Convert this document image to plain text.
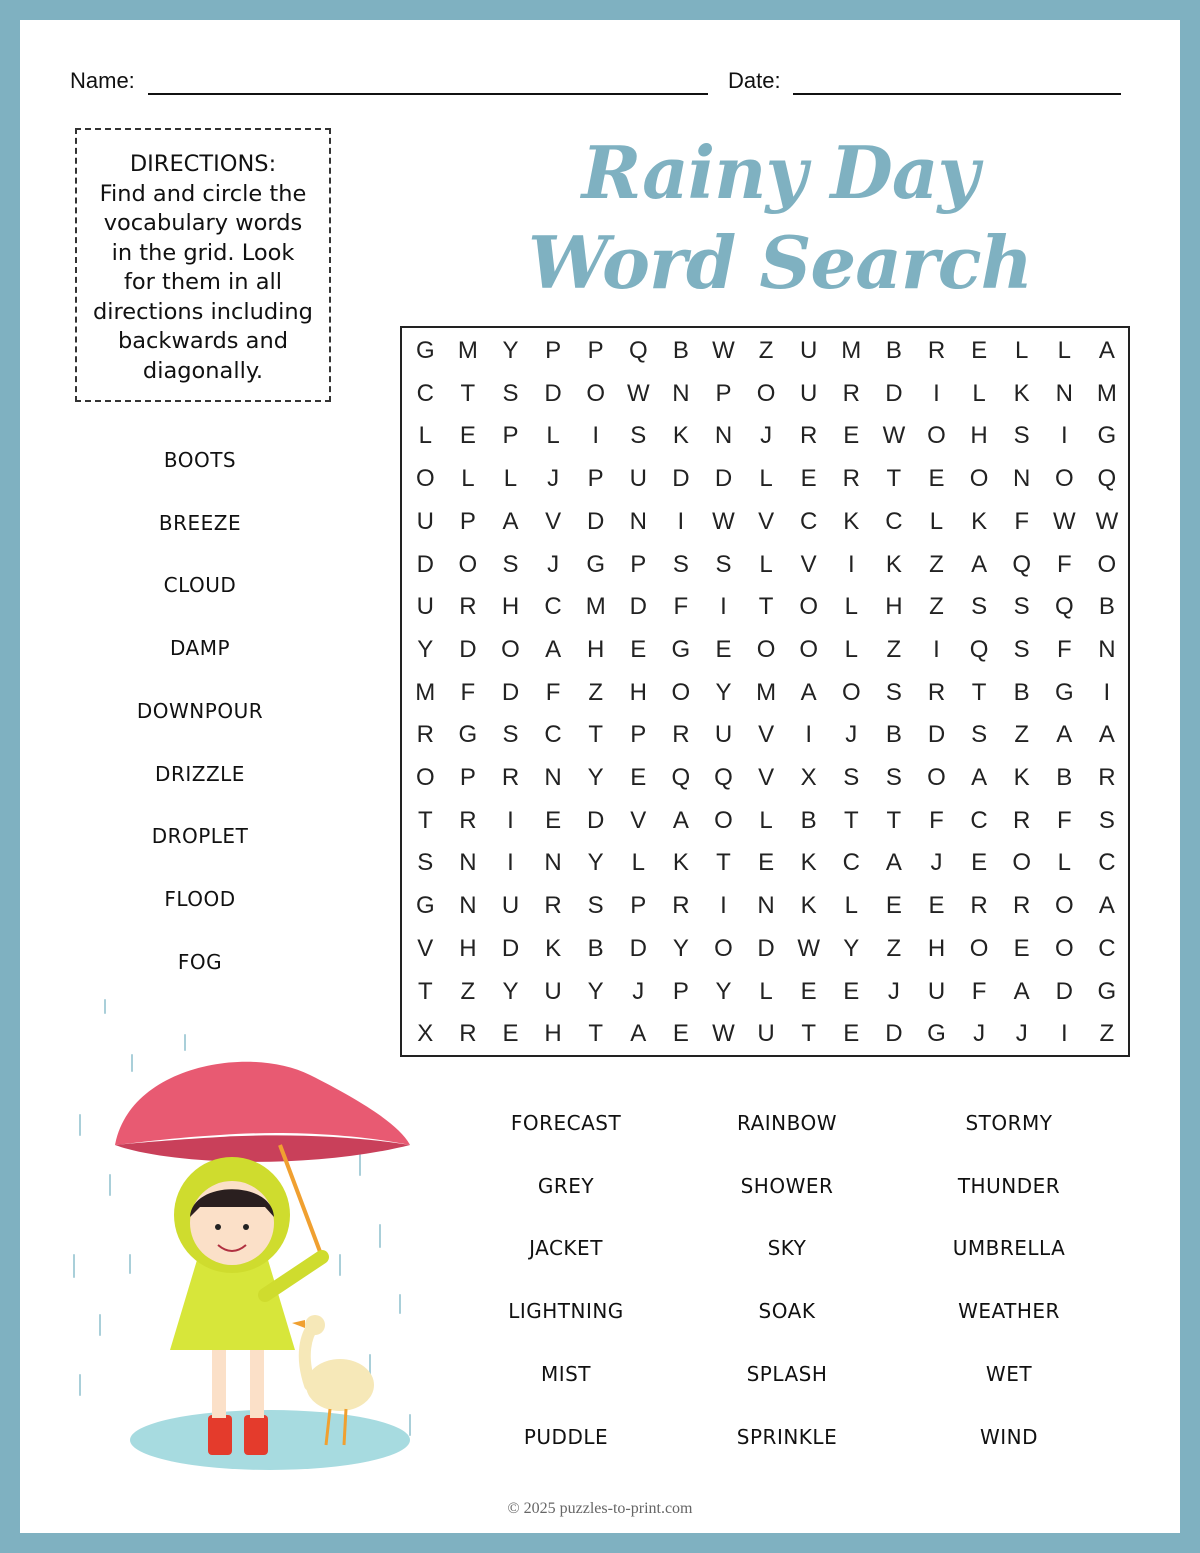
Name:	Date:
DIRECTIONS:
Find and circle the
vocabulary words
in the grid. Look
for them in all
directions including
backwards and
diagonally.
Rainy Day
Word Search
G M	Y	P	P	Q	B W Z	U M	B	R	E	L	L	A
C	T	S	D	O W N	P	O	U	R	D	I	L	K	N M
L	E	P	L	I	S	K	N	J	R	E W O	H	S	I	G
O	L	L	J	P	U	D	D	L	E	R	T	E	O	N	O Q
U	P	A	V	D	N	I	W V	C	K	C	L	K	F W W
D	O	S	J	G	P	S	S	L	V	I	K	Z	A	Q	F	O
U	R	H	C M D	F	I	T	O	L	H	Z	S	S	Q	B
Y	D	O	A	H	E	G	E	O O	L	Z	I	Q	S	F	N
M	F	D	F	Z	H	O	Y	M	A	O	S	R	T	B	G	I
R	G	S	C	T	P	R	U	V	I	J	B	D	S	Z	A	A
O	P	R	N	Y	E	Q Q	V	X	S	S	O	A	K	B	R
T	R	I	E	D	V	A	O	L	B	T	T	F	C	R	F	S
S	N	I	N	Y	L	K	T	E	K	C	A	J	E	O	L	C
G	N	U	R	S	P	R	I	N	K	L	E	E	R	R	O	A
V	H	D	K	B	D	Y	O	D W Y	Z	H	O	E	O	C
T	Z	Y	U	Y	J	P	Y	L	E	E	J	U	F	A	D	G
X	R	E	H	T	A	E W U	T	E	D	G	J	J	I	Z
BOOTS
BREEZE
CLOUD
DAMP
DOWNPOUR
DRIZZLE
DROPLET
FLOOD
FOG
FORECAST
GREY
JACKET
LIGHTNING
MIST
PUDDLE
RAINBOW
SHOWER
SKY
SOAK
SPLASH
SPRINKLE
STORMY
THUNDER
UMBRELLA
WEATHER
WET
WIND
© 2025 puzzles-to-print.com
